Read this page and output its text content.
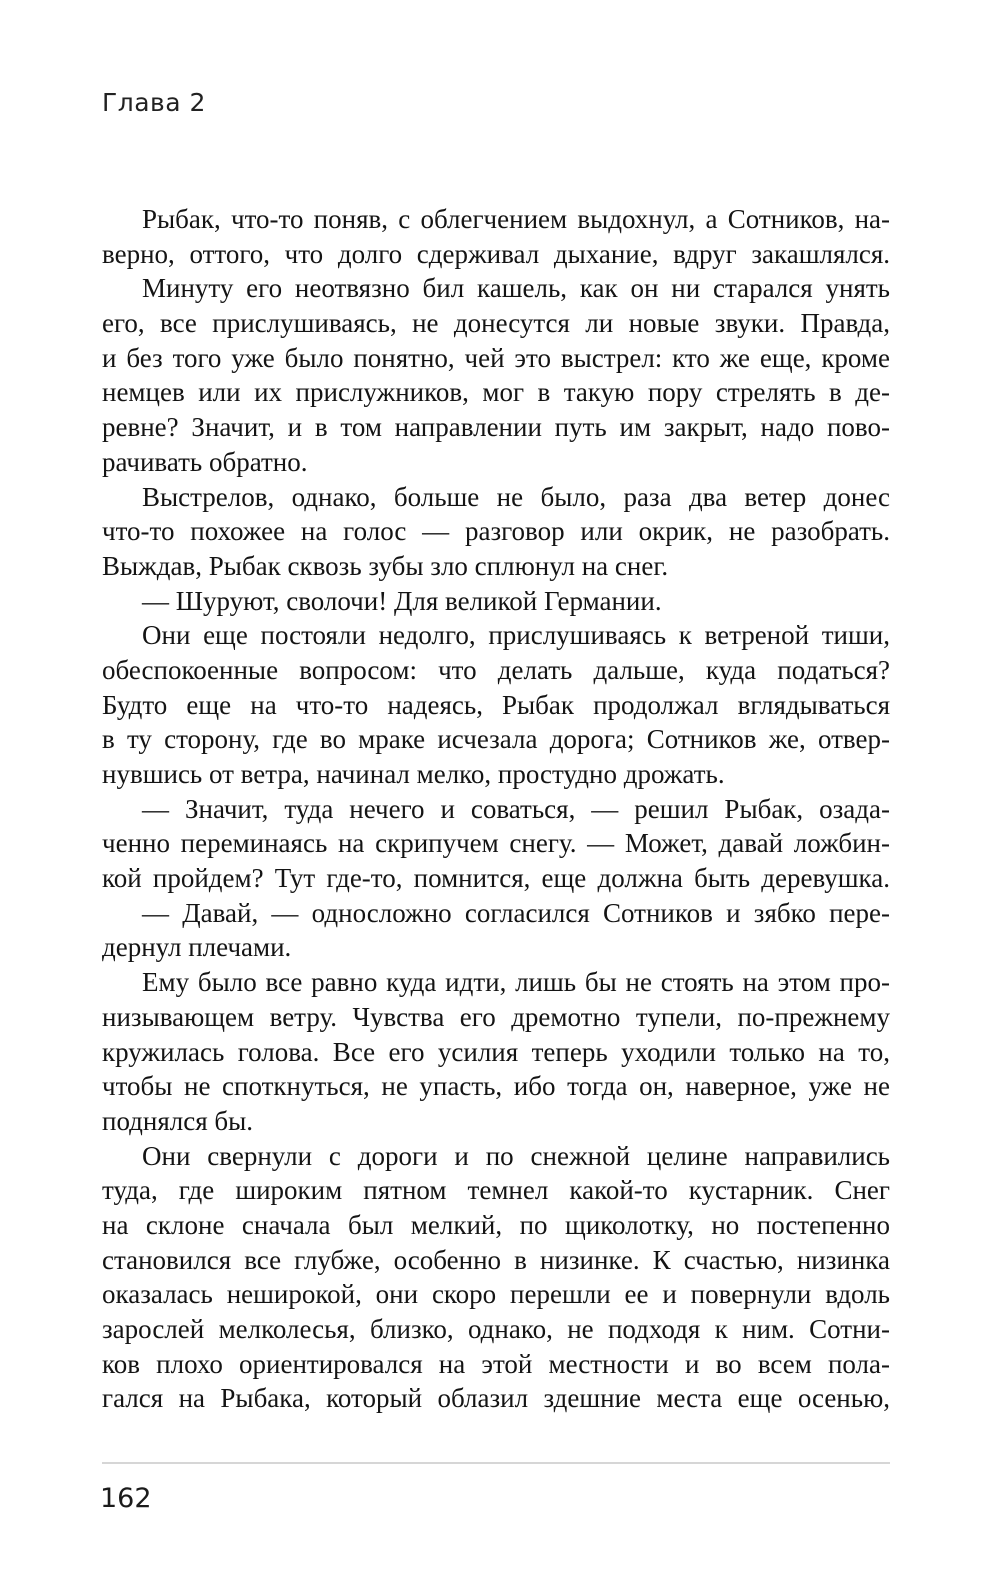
Глава 2
Рыбак, что-то поняв, с облегчением выдохнул, а Сотников, на-
верно, оттого, что долго сдерживал дыхание, вдруг закашлялся.
Минуту его неотвязно бил кашель, как он ни старался унять
его, все прислушиваясь, не донесутся ли новые звуки. Правда,
и без того уже было понятно, чей это выстрел: кто же еще, кроме
немцев или их прислужников, мог в такую пору стрелять в де-
ревне? Значит, и в том направлении путь им закрыт, надо пово-
рачивать обратно.
Выстрелов, однако, больше не было, раза два ветер донес
что-то похожее на голос — разговор или окрик, не разобрать.
Выждав, Рыбак сквозь зубы зло сплюнул на снег.
— Шуруют, сволочи! Для великой Германии.
Они еще постояли недолго, прислушиваясь к ветреной тиши,
обеспокоенные вопросом: что делать дальше, куда податься?
Будто еще на что-то надеясь, Рыбак продолжал вглядываться
в ту сторону, где во мраке исчезала дорога; Сотников же, отвер-
нувшись от ветра, начинал мелко, простудно дрожать.
— Значит, туда нечего и соваться, — решил Рыбак, озада-
ченно переминаясь на скрипучем снегу. — Может, давай ложбин-
кой пройдем? Тут где-то, помнится, еще должна быть деревушка.
— Давай, — односложно согласился Сотников и зябко пере-
дернул плечами.
Ему было все равно куда идти, лишь бы не стоять на этом про-
низывающем ветру. Чувства его дремотно тупели, по-прежнему
кружилась голова. Все его усилия теперь уходили только на то,
чтобы не споткнуться, не упасть, ибо тогда он, наверное, уже не
поднялся бы.
Они свернули с дороги и по снежной целине направились
туда, где широким пятном темнел какой-то кустарник. Снег
на склоне сначала был мелкий, по щиколотку, но постепенно
становился все глубже, особенно в низинке. К счастью, низинка
оказалась неширокой, они скоро перешли ее и повернули вдоль
зарослей мелколесья, близко, однако, не подходя к ним. Сотни-
ков плохо ориентировался на этой местности и во всем пола-
гался на Рыбака, который облазил здешние места еще осенью,
162
